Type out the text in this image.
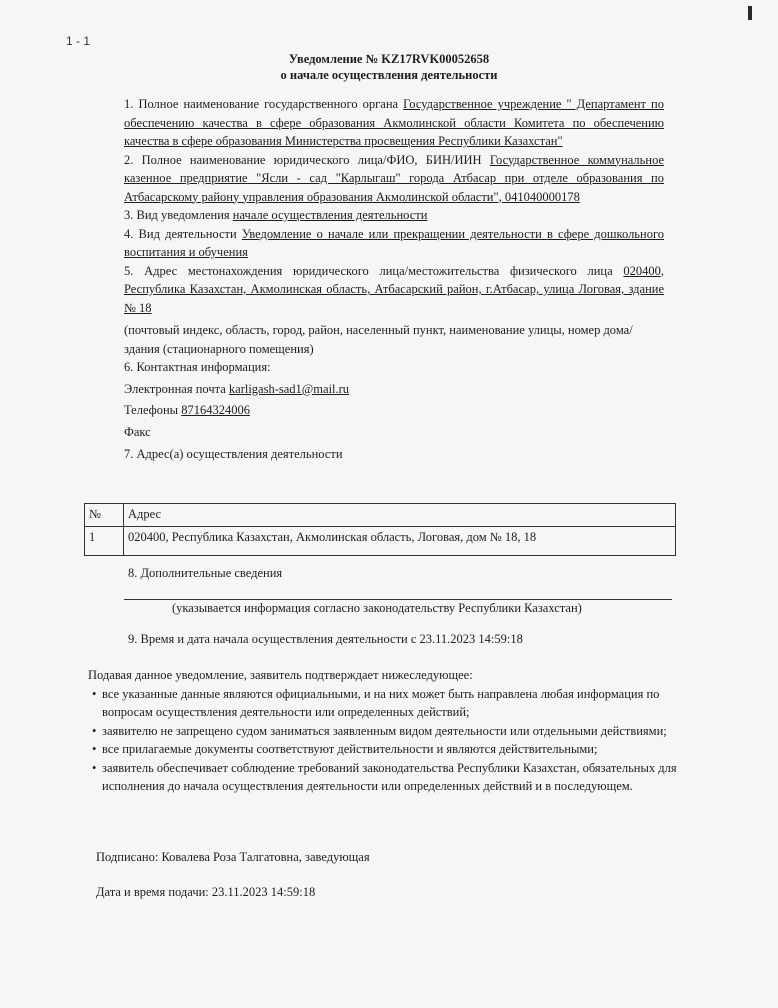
1 - 1
Уведомление № KZ17RVK00052658
о начале осуществления деятельности

1. Полное наименование государственного органа Государственное учреждение " Департамент по обеспечению качества в сфере образования Акмолинской области Комитета по обеспечению качества в сфере образования Министерства просвещения Республики Казахстан"

2. Полное наименование юридического лица/ФИО, БИН/ИИН Государственное коммунальное казенное предприятие "Ясли - сад "Карлыгаш" города Атбасар при отделе образования по Атбасарскому району управления образования Акмолинской области", 041040000178

3. Вид уведомления начале осуществления деятельности

4. Вид деятельности Уведомление о начале или прекращении деятельности в сфере дошкольного воспитания и обучения

5. Адрес местонахождения юридического лица/местожительства физического лица 020400, Республика Казахстан, Акмолинская область, Атбасарский район, г.Атбасар, улица Логовая, здание № 18

(почтовый индекс, область, город, район, населенный пункт, наименование улицы, номер дома/здания (стационарного помещения)

6. Контактная информация:

Электронная почта karligash-sad1@mail.ru

Телефоны 87164324006

Факс

7. Адрес(а) осуществления деятельности

№	Адрес
1	020400, Республика Казахстан, Акмолинская область, Логовая, дом № 18, 18
8. Дополнительные сведения
(указывается информация согласно законодательству Республики Казахстан)
9. Время и дата начала осуществления деятельности с 23.11.2023 14:59:18

Подавая данное уведомление, заявитель подтверждает нижеследующее:

• все указанные данные являются официальными, и на них может быть направлена любая информация по вопросам осуществления деятельности или определенных действий;
• заявителю не запрещено судом заниматься заявленным видом деятельности или отдельными действиями;
• все прилагаемые документы соответствуют действительности и являются действительными;
• заявитель обеспечивает соблюдение требований законодательства Республики Казахстан, обязательных для исполнения до начала осуществления деятельности или определенных действий и в последующем.
Подписано: Ковалева Роза Талгатовна, заведующая
Дата и время подачи: 23.11.2023 14:59:18
